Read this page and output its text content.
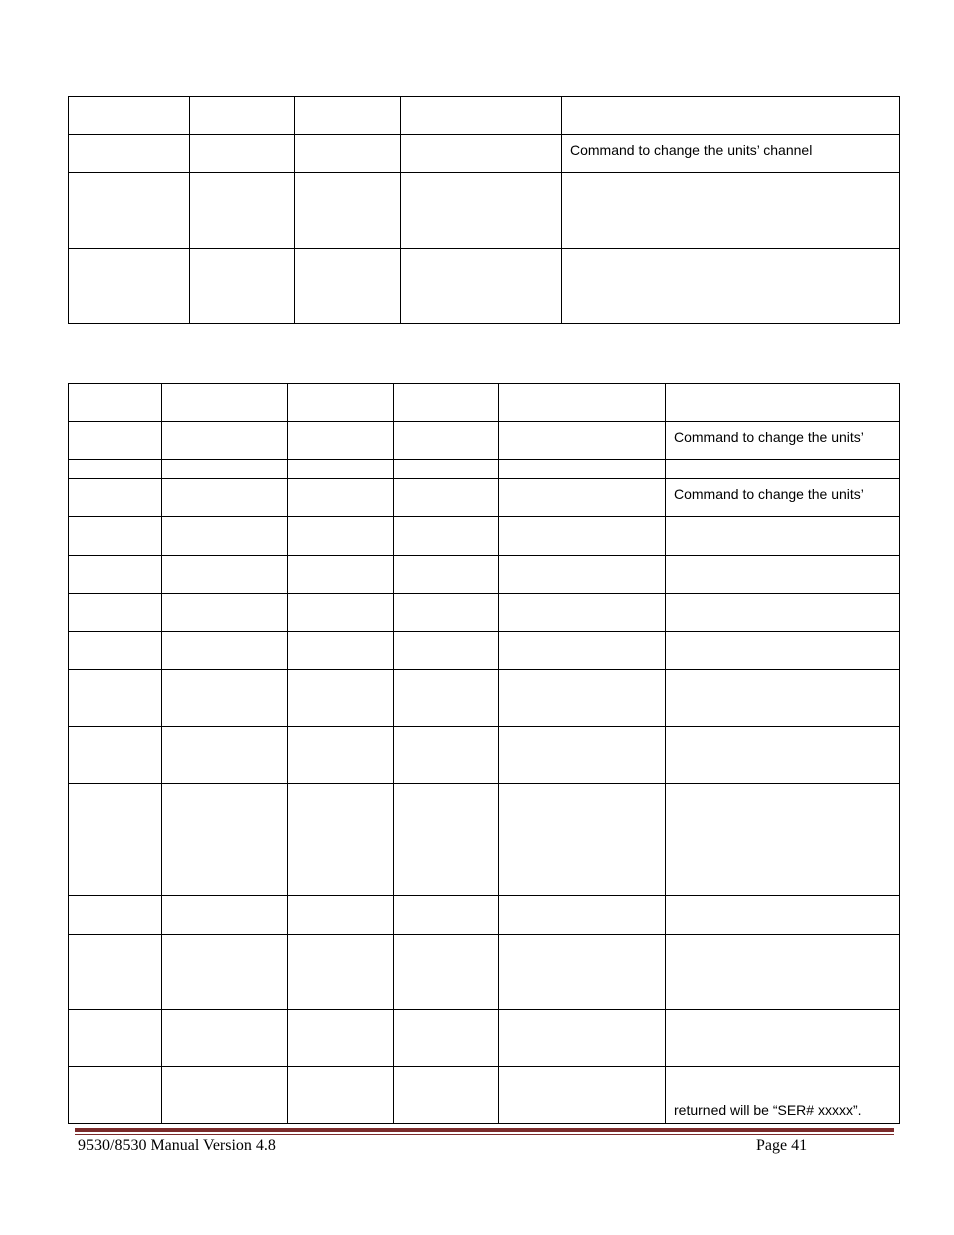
				Command to change the units’ channel

					Command to change the units’

					Command to change the units’

					returned will be “SER# xxxxx”.
9530/8530 Manual Version 4.8	Page 41
